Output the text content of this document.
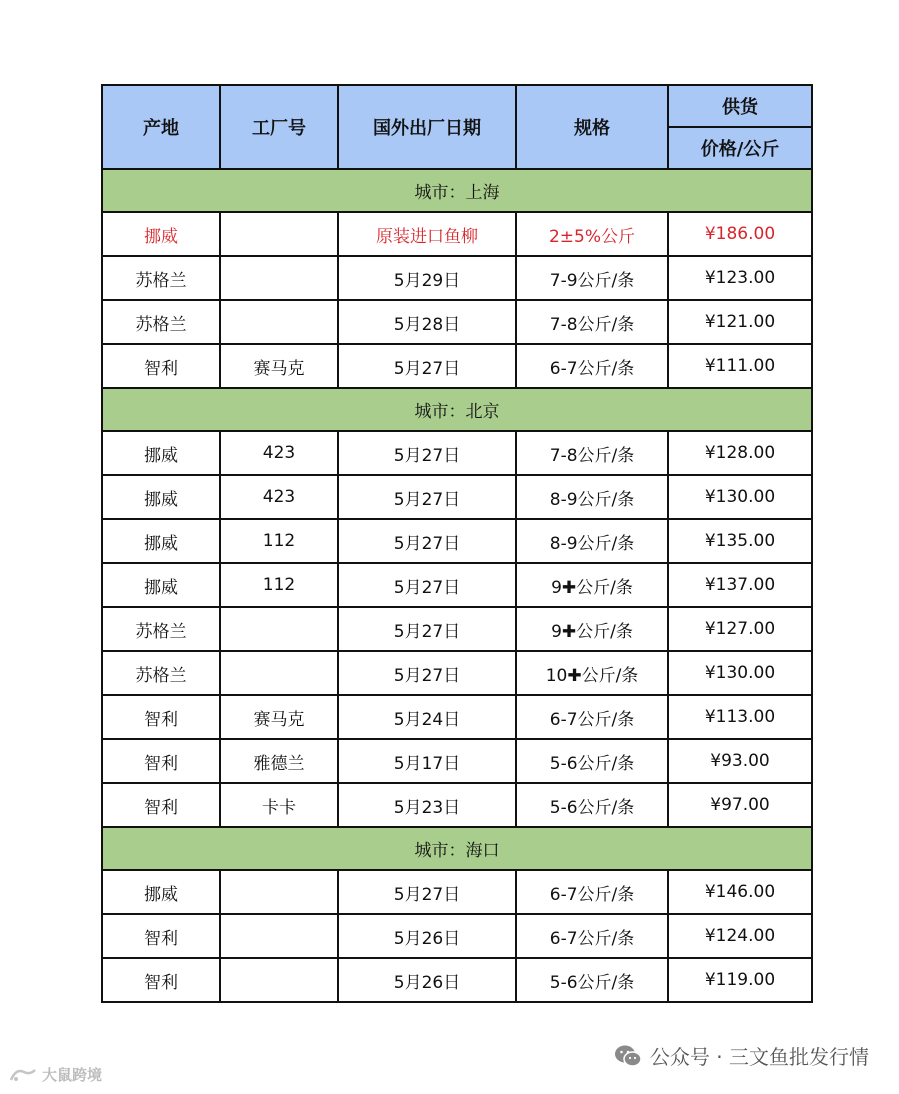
产地	工厂号	国外出厂日期	规格	供货
				价格/公斤
城市：上海				
挪威		原装进口鱼柳	2±5%公斤	¥186.00
苏格兰		5月29日	7-9公斤/条	¥123.00
苏格兰		5月28日	7-8公斤/条	¥121.00
智利	赛马克	5月27日	6-7公斤/条	¥111.00
城市：北京				
挪威	423	5月27日	7-8公斤/条	¥128.00
挪威	423	5月27日	8-9公斤/条	¥130.00
挪威	112	5月27日	8-9公斤/条	¥135.00
挪威	112	5月27日	9✚公斤/条	¥137.00
苏格兰		5月27日	9✚公斤/条	¥127.00
苏格兰		5月27日	10✚公斤/条	¥130.00
智利	赛马克	5月24日	6-7公斤/条	¥113.00
智利	雅德兰	5月17日	5-6公斤/条	¥93.00
智利	卡卡	5月23日	5-6公斤/条	¥97.00
城市：海口				
挪威		5月27日	6-7公斤/条	¥146.00
智利		5月26日	6-7公斤/条	¥124.00
智利		5月26日	5-6公斤/条	¥119.00
公众号 · 三文鱼批发行情
大鼠跨境
